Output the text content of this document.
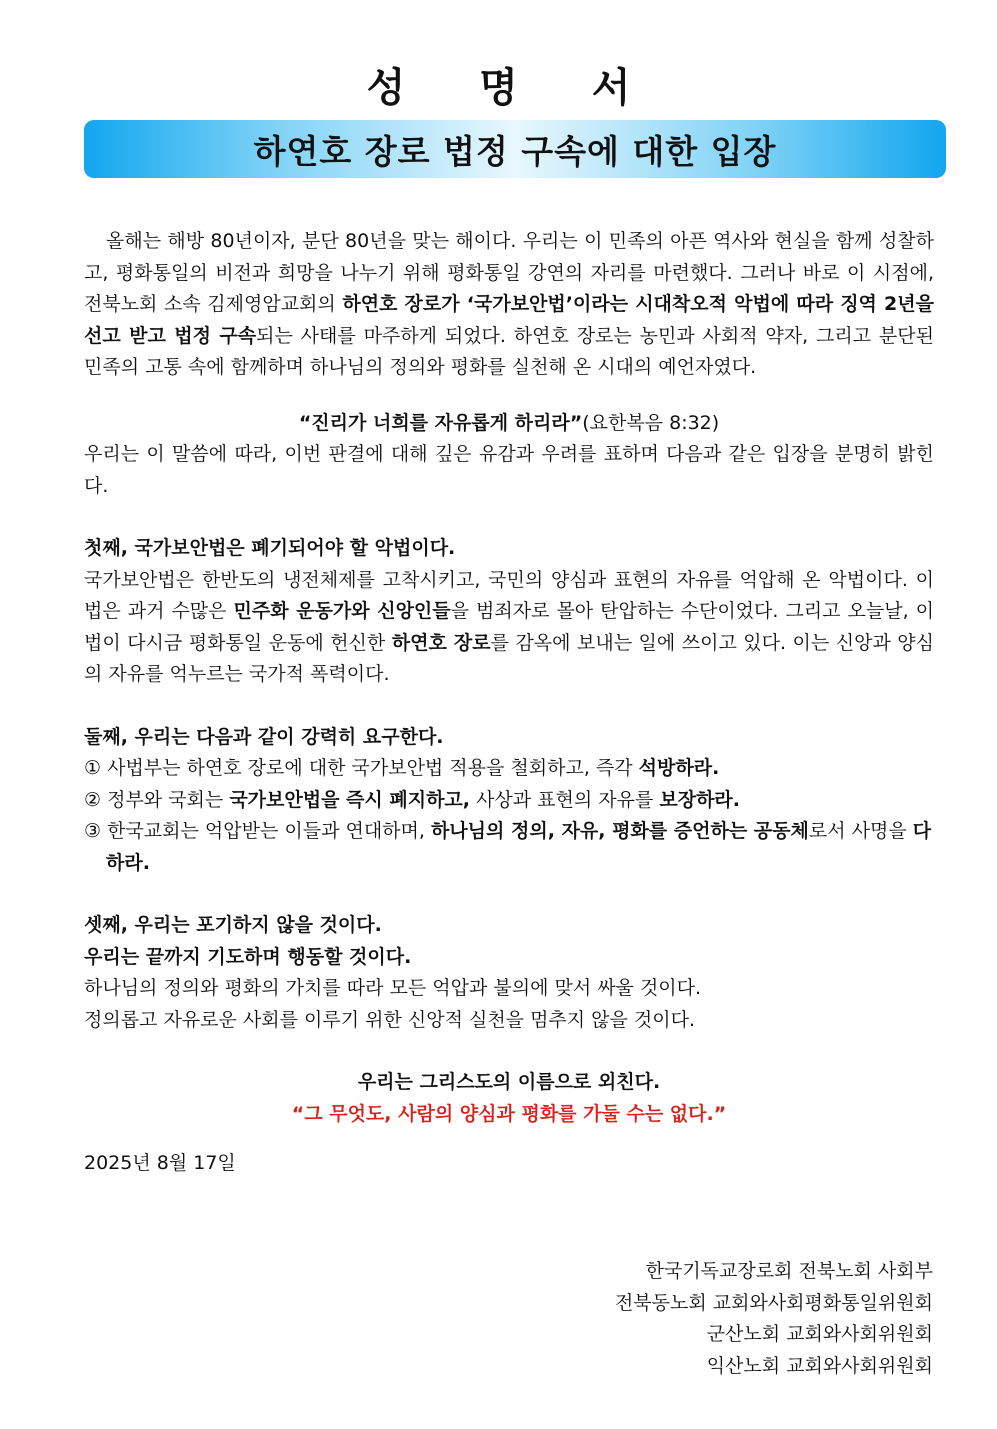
성 명 서
하연호 장로 법정 구속에 대한 입장

올해는 해방 80년이자, 분단 80년을 맞는 해이다. 우리는 이 민족의 아픈 역사와 현실을 함께 성찰하고, 평화통일의 비전과 희망을 나누기 위해 평화통일 강연의 자리를 마련했다. 그러나 바로 이 시점에, 전북노회 소속 김제영암교회의 하연호 장로가 ‘국가보안법’이라는 시대착오적 악법에 따라 징역 2년을 선고 받고 법정 구속되는 사태를 마주하게 되었다. 하연호 장로는 농민과 사회적 약자, 그리고 분단된 민족의 고통 속에 함께하며 하나님의 정의와 평화를 실천해 온 시대의 예언자였다.

“진리가 너희를 자유롭게 하리라”(요한복음 8:32)

우리는 이 말씀에 따라, 이번 판결에 대해 깊은 유감과 우려를 표하며 다음과 같은 입장을 분명히 밝힌다.

첫째, 국가보안법은 폐기되어야 할 악법이다.

국가보안법은 한반도의 냉전체제를 고착시키고, 국민의 양심과 표현의 자유를 억압해 온 악법이다. 이 법은 과거 수많은 민주화 운동가와 신앙인들을 범죄자로 몰아 탄압하는 수단이었다. 그리고 오늘날, 이 법이 다시금 평화통일 운동에 헌신한 하연호 장로를 감옥에 보내는 일에 쓰이고 있다. 이는 신앙과 양심의 자유를 억누르는 국가적 폭력이다.

둘째, 우리는 다음과 같이 강력히 요구한다.

① 사법부는 하연호 장로에 대한 국가보안법 적용을 철회하고, 즉각 석방하라.

② 정부와 국회는 국가보안법을 즉시 폐지하고, 사상과 표현의 자유를 보장하라.

③ 한국교회는 억압받는 이들과 연대하며, 하나님의 정의, 자유, 평화를 증언하는 공동체로서 사명을 다하라.

셋째, 우리는 포기하지 않을 것이다.

우리는 끝까지 기도하며 행동할 것이다.

하나님의 정의와 평화의 가치를 따라 모든 억압과 불의에 맞서 싸울 것이다.

정의롭고 자유로운 사회를 이루기 위한 신앙적 실천을 멈추지 않을 것이다.

우리는 그리스도의 이름으로 외친다.

“그 무엇도, 사람의 양심과 평화를 가둘 수는 없다.”

2025년 8월 17일

한국기독교장로회 전북노회 사회부
전북동노회 교회와사회평화통일위원회
군산노회 교회와사회위원회
익산노회 교회와사회위원회
